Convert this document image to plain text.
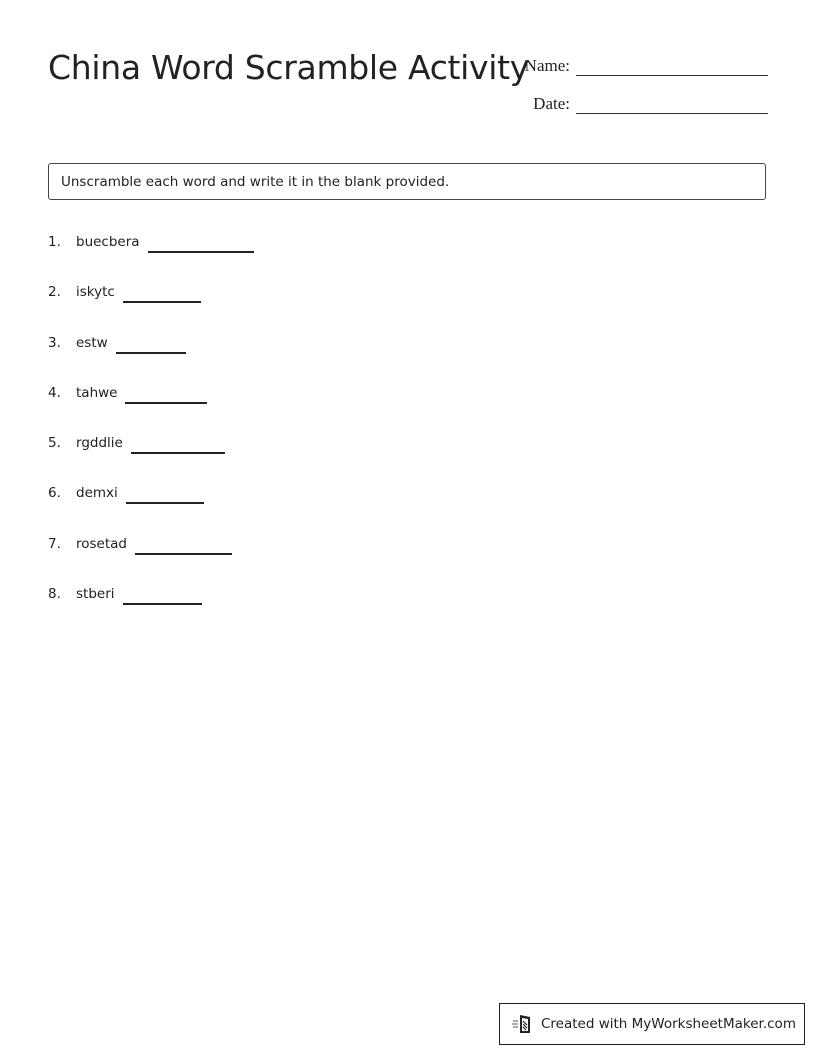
China Word Scramble Activity
Name:
Date:
Unscramble each word and write it in the blank provided.
1.	buecbera
2.	iskytc
3.	estw
4.	tahwe
5.	rgddlie
6.	demxi
7.	rosetad
8.	stberi
Created with MyWorksheetMaker.com
